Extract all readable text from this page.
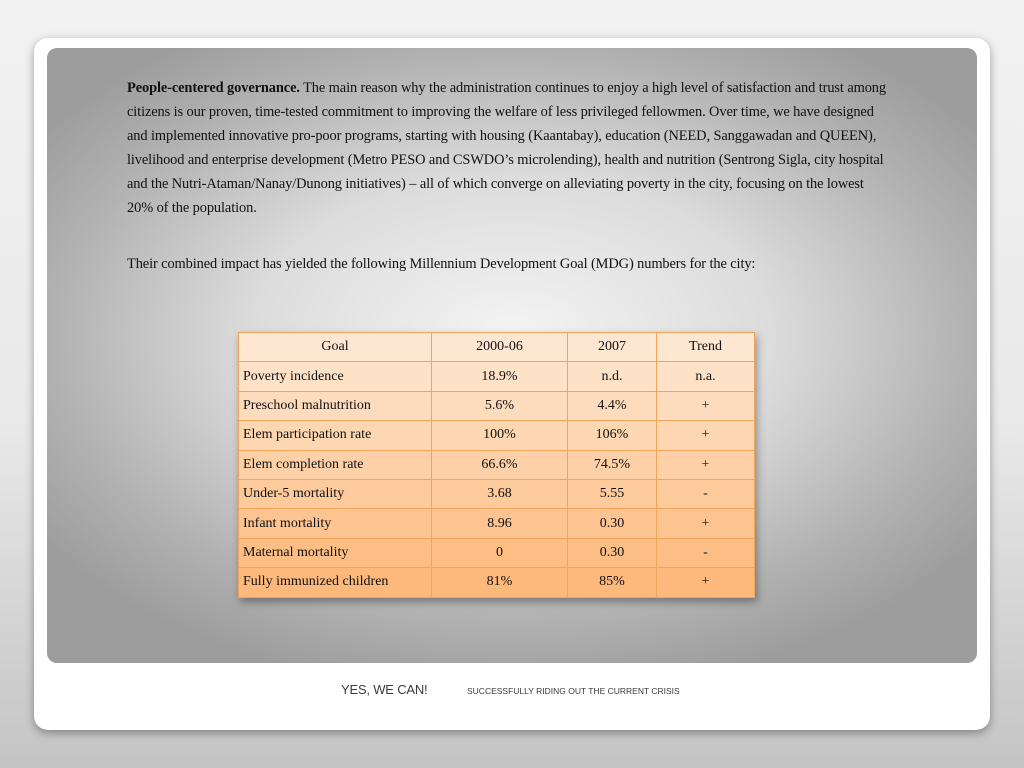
People-centered governance. The main reason why the administration continues to enjoy a high level of satisfaction and trust among citizens is our proven, time-tested commitment to improving the welfare of less privileged fellowmen. Over time, we have designed and implemented innovative pro-poor programs, starting with housing (Kaantabay), education (NEED, Sanggawadan and QUEEN), livelihood and enterprise development (Metro PESO and CSWDO’s microlending), health and nutrition (Sentrong Sigla, city hospital and the Nutri-Ataman/Nanay/Dunong initiatives) – all of which converge on alleviating poverty in the city, focusing on the lowest 20% of the population.

Their combined impact has yielded the following Millennium Development Goal (MDG) numbers for the city:

Goal	2000-06	2007	Trend
Poverty incidence	18.9%	n.d.	n.a.
Preschool malnutrition	5.6%	4.4%	+
Elem participation rate	100%	106%	+
Elem completion rate	66.6%	74.5%	+
Under-5 mortality	3.68	5.55	-
Infant mortality	8.96	0.30	+
Maternal mortality	0	0.30	-
Fully immunized children	81%	85%	+
YES, WE CAN!	SUCCESSFULLY RIDING OUT THE CURRENT CRISIS
